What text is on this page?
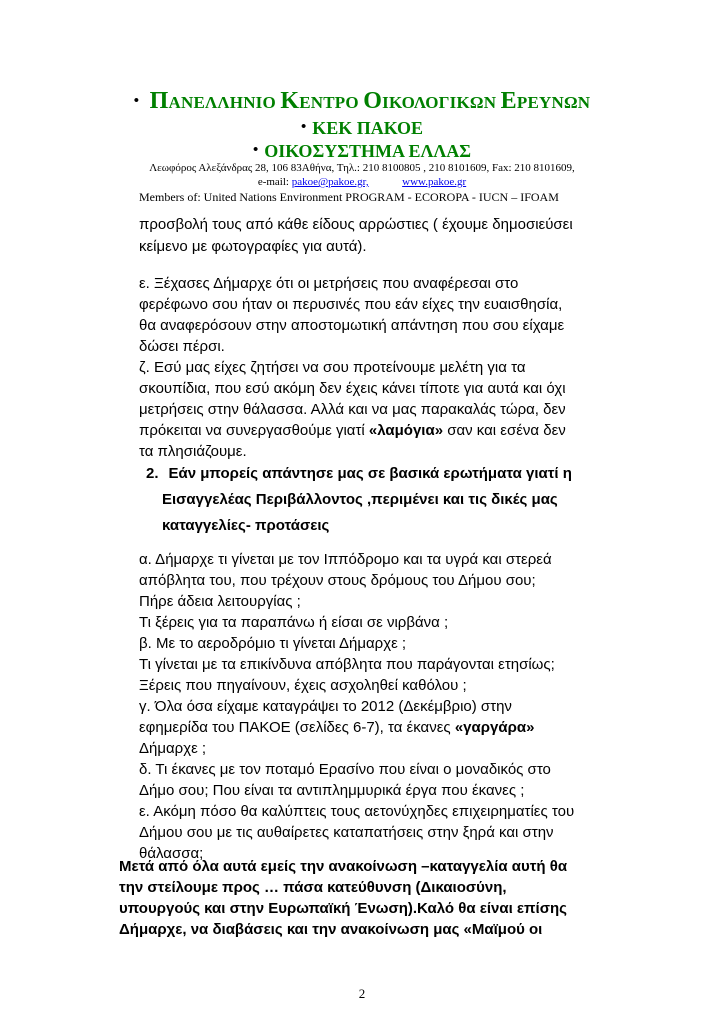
• ΠΑΝΕΛΛΗΝΙΟ ΚΕΝΤΡΟ ΟΙΚΟΛΟΓΙΚΩΝ ΕΡΕΥΝΩΝ
• ΚΕΚ ΠΑΚΟΕ
• ΟΙΚΟΣΥΣΤΗΜΑ ΕΛΛΑΣ
Λεωφόρος Αλεξάνδρας 28, 106 83Αθήνα, Τηλ.: 210 8100805 , 210 8101609, Fax: 210 8101609,
e-mail: pakoe@pakoe.gr,	www.pakoe.gr
Members of: United Nations Environment PROGRAM - ECOROPA - IUCN – IFOAM
προσβολή τους από κάθε είδους αρρώστιες ( έχουμε δημοσιεύσει
κείμενο με φωτογραφίες για αυτά).
ε. Ξέχασες Δήμαρχε ότι οι μετρήσεις που αναφέρεσαι στο
φερέφωνο σου ήταν οι περυσινές που εάν είχες την ευαισθησία,
θα αναφερόσουν στην αποστομωτική απάντηση που σου είχαμε
δώσει πέρσι.
ζ. Εσύ μας είχες ζητήσει να σου προτείνουμε μελέτη για τα
σκουπίδια, που εσύ ακόμη δεν έχεις κάνει τίποτε για αυτά και όχι
μετρήσεις στην θάλασσα. Αλλά και να μας παρακαλάς τώρα, δεν
πρόκειται να συνεργασθούμε γιατί «λαμόγια» σαν και εσένα δεν
τα πλησιάζουμε.
2. Εάν μπορείς απάντησε μας σε βασικά ερωτήματα γιατί η
Εισαγγελέας Περιβάλλοντος ,περιμένει και τις δικές μας
καταγγελίες- προτάσεις
α. Δήμαρχε τι γίνεται με τον Ιππόδρομο και τα υγρά και στερεά
απόβλητα του, που τρέχουν στους δρόμους του Δήμου σου;
Πήρε άδεια λειτουργίας ;
Τι ξέρεις για τα παραπάνω ή είσαι σε νιρβάνα ;
β. Με το αεροδρόμιο τι γίνεται Δήμαρχε ;
Τι γίνεται με τα επικίνδυνα απόβλητα που παράγονται ετησίως;
Ξέρεις που πηγαίνουν, έχεις ασχοληθεί καθόλου ;
γ. Όλα όσα είχαμε καταγράψει το 2012 (Δεκέμβριο) στην
εφημερίδα του ΠΑΚΟΕ (σελίδες 6-7), τα έκανες «γαργάρα»
Δήμαρχε ;
δ. Τι έκανες με τον ποταμό Ερασίνο που είναι ο μοναδικός στο
Δήμο σου; Που είναι τα αντιπλημμυρικά έργα που έκανες ;
ε. Ακόμη πόσο θα καλύπτεις τους αετονύχηδες επιχειρηματίες του
Δήμου σου με τις αυθαίρετες καταπατήσεις στην ξηρά και στην
θάλασσα;
Μετά από όλα αυτά εμείς την ανακοίνωση –καταγγελία αυτή θα
την στείλουμε προς … πάσα κατεύθυνση (Δικαιοσύνη,
υπουργούς και στην Ευρωπαϊκή Ένωση).Καλό θα είναι επίσης
Δήμαρχε, να διαβάσεις και την ανακοίνωση μας «Μαϊμού οι
2
